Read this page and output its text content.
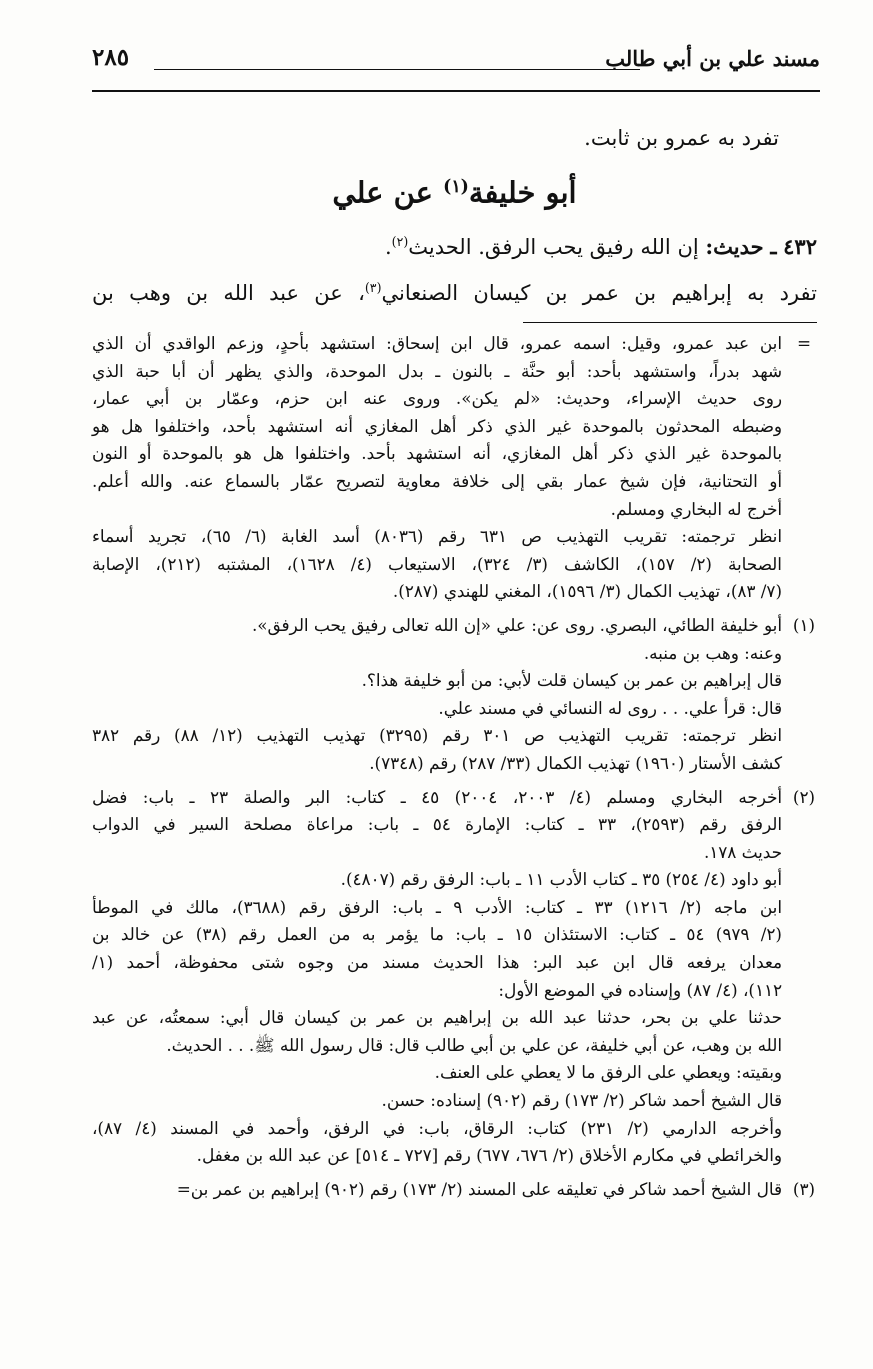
مسند علي بن أبي طالب
٢٨٥

تفرد به عمرو بن ثابت.

أبو خليفة$^{(١)}$ عن علي

٤٣٢ ـ حديث: إن الله رفيق يحب الرفق. الحديث$^{(٢)}$.

تفرد به إبراهيم بن عمر بن كيسان الصنعاني$^{(٣)}$، عن عبد الله بن وهب بن

=

ابن عبد عمرو، وقيل: اسمه عمرو، قال ابن إسحاق: استشهد بأحدٍ، وزعم الواقدي أن الذي

شهد بدراً، واستشهد بأحد: أبو حنَّة ـ بالنون ـ بدل الموحدة، والذي يظهر أن أبا حبة الذي

روى حديث الإسراء، وحديث: «لم يكن». وروى عنه ابن حزم، وعمّار بن أبي عمار،

وضبطه المحدثون بالموحدة غير الذي ذكر أهل المغازي أنه استشهد بأحد، واختلفوا هل هو

بالموحدة غير الذي ذكر أهل المغازي، أنه استشهد بأحد. واختلفوا هل هو بالموحدة أو النون

أو التحتانية، فإن شيخ عمار بقي إلى خلافة معاوية لتصريح عمّار بالسماع عنه. والله أعلم.

أخرج له البخاري ومسلم.

انظر ترجمته: تقريب التهذيب ص ٦٣١ رقم (٨٠٣٦) أسد الغابة (٦/ ٦٥)، تجريد أسماء

الصحابة (٢/ ١٥٧)، الكاشف (٣/ ٣٢٤)، الاستيعاب (٤/ ١٦٢٨)، المشتبه (٢١٢)، الإصابة

(٧/ ٨٣)، تهذيب الكمال (٣/ ١٥٩٦)، المغني للهندي (٢٨٧).

(١)

أبو خليفة الطائي، البصري. روى عن: علي «إن الله تعالى رفيق يحب الرفق».

وعنه: وهب بن منبه.

قال إبراهيم بن عمر بن كيسان قلت لأبي: من أبو خليفة هذا؟.

قال: قرأ علي. . . روى له النسائي في مسند علي.

انظر ترجمته: تقريب التهذيب ص ٣٠١ رقم (٣٢٩٥) تهذيب التهذيب (١٢/ ٨٨) رقم ٣٨٢

كشف الأستار (١٩٦٠) تهذيب الكمال (٣٣/ ٢٨٧) رقم (٧٣٤٨).

(٢)

أخرجه البخاري ومسلم (٤/ ٢٠٠٣، ٢٠٠٤) ٤٥ ـ كتاب: البر والصلة ٢٣ ـ باب: فضل

الرفق رقم (٢٥٩٣)، ٣٣ ـ كتاب: الإمارة ٥٤ ـ باب: مراعاة مصلحة السير في الدواب

حديث ١٧٨.

أبو داود (٤/ ٢٥٤) ٣٥ ـ كتاب الأدب ١١ ـ باب: الرفق رقم (٤٨٠٧).

ابن ماجه (٢/ ١٢١٦) ٣٣ ـ كتاب: الأدب ٩ ـ باب: الرفق رقم (٣٦٨٨)، مالك في الموطأ

(٢/ ٩٧٩) ٥٤ ـ كتاب: الاستئذان ١٥ ـ باب: ما يؤمر به من العمل رقم (٣٨) عن خالد بن

معدان يرفعه قال ابن عبد البر: هذا الحديث مسند من وجوه شتى محفوظة، أحمد (١/

١١٢)، (٤/ ٨٧) وإسناده في الموضع الأول:

حدثنا علي بن بحر، حدثنا عبد الله بن إبراهيم بن عمر بن كيسان قال أبي: سمعتُه، عن عبد

الله بن وهب، عن أبي خليفة، عن علي بن أبي طالب قال: قال رسول الله ﷺ. . . الحديث.

وبقيته: ويعطي على الرفق ما لا يعطي على العنف.

قال الشيخ أحمد شاكر (٢/ ١٧٣) رقم (٩٠٢) إسناده: حسن.

وأخرجه الدارمي (٢/ ٢٣١) كتاب: الرقاق، باب: في الرفق، وأحمد في المسند (٤/ ٨٧)،

والخرائطي في مكارم الأخلاق (٢/ ٦٧٦، ٦٧٧) رقم [٧٢٧ ـ ٥١٤] عن عبد الله بن مغفل.

(٣)

قال الشيخ أحمد شاكر في تعليقه على المسند (٢/ ١٧٣) رقم (٩٠٢) إبراهيم بن عمر بن=
